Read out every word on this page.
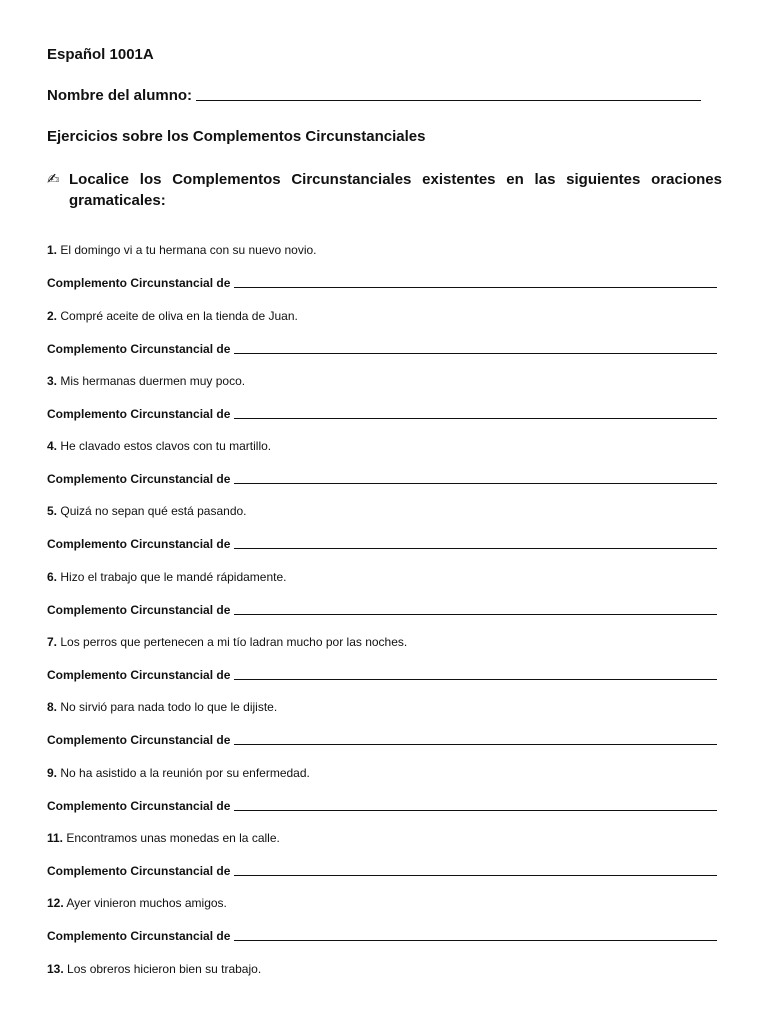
Español 1001A
Nombre del alumno:
Ejercicios sobre los Complementos Circunstanciales
✍ Localice los Complementos Circunstanciales existentes en las siguientes oraciones gramaticales:
1. El domingo vi a tu hermana con su nuevo novio.
Complemento Circunstancial de
2. Compré aceite de oliva en la tienda de Juan.
Complemento Circunstancial de
3. Mis hermanas duermen muy poco.
Complemento Circunstancial de
4. He clavado estos clavos con tu martillo.
Complemento Circunstancial de
5. Quizá no sepan qué está pasando.
Complemento Circunstancial de
6. Hizo el trabajo que le mandé rápidamente.
Complemento Circunstancial de
7. Los perros que pertenecen a mi tío ladran mucho por las noches.
Complemento Circunstancial de
8. No sirvió para nada todo lo que le dijiste.
Complemento Circunstancial de
9. No ha asistido a la reunión por su enfermedad.
Complemento Circunstancial de
11. Encontramos unas monedas en la calle.
Complemento Circunstancial de
12. Ayer vinieron muchos amigos.
Complemento Circunstancial de
13. Los obreros hicieron bien su trabajo.
